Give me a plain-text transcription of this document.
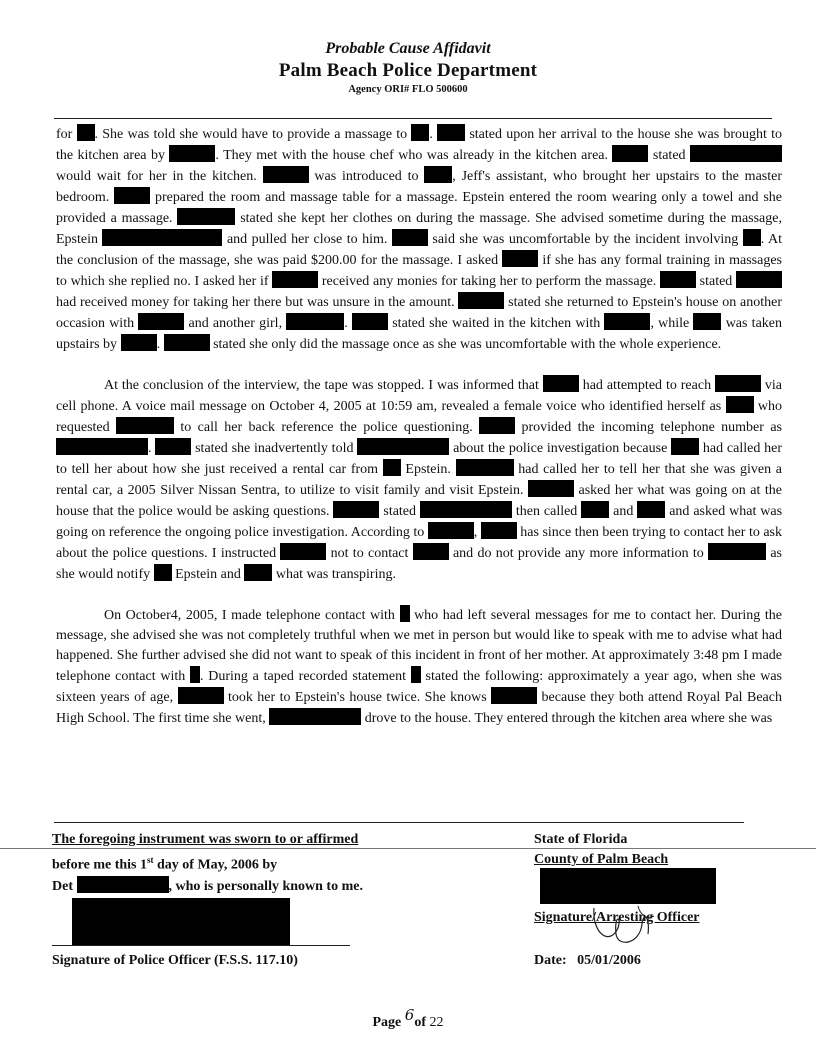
Probable Cause Affidavit
Palm Beach Police Department
Agency ORI# FLO 500600

for . She was told she would have to provide a massage to .  stated upon her arrival to the house she was brought to the kitchen area by	. They met with the house chef who was already in the kitchen area.	stated  would wait for her in the kitchen.	was introduced to , Jeff's assistant, who brought her upstairs to the master bedroom.	prepared the room and massage table for a massage. Epstein entered the room wearing only a towel and she provided a massage.	stated she kept her clothes on during the massage. She advised sometime during the massage, Epstein	and pulled her close to him.	said she was uncomfortable by the incident involving . At the conclusion of the massage, she was paid $200.00 for the massage. I asked	if she has any formal training in massages to which she replied no. I asked her if	received any monies for taking her to perform the massage.	stated  had received money for taking her there but was unsure in the amount.	stated she returned to Epstein's house on another occasion with	and another girl,	.	stated she waited in the kitchen with	, while  was taken upstairs by	.	stated she only did the massage once as she was uncomfortable with the whole experience.

At the conclusion of the interview, the tape was stopped. I was informed that	had attempted to reach	via cell phone. A voice mail message on October 4, 2005 at 10:59 am, revealed a female voice who identified herself as  who requested	to call her back reference the police questioning.	provided the incoming telephone number as .	stated she inadvertently told	about the police investigation because  had called her to tell her about how she just received a rental car from  Epstein.	had called her to tell her that she was given a rental car, a 2005 Silver Nissan Sentra, to utilize to visit family and visit Epstein.	asked her what was going on at the house that the police would be asking questions.	stated	then called  and  and asked what was going on reference the ongoing police investigation. According to	,	has since then been trying to contact her to ask about the police questions. I instructed	not to contact	and do not provide any more information to	as she would notify  Epstein and  what was transpiring.

On October4, 2005, I made telephone contact with  who had left several messages for me to contact her. During the message, she advised she was not completely truthful when we met in person but would like to speak with me to advise what had happened. She further advised she did not want to speak of this incident in front of her mother. At approximately 3:48 pm I made telephone contact with . During a taped recorded statement  stated the following: approximately a year ago, when she was sixteen years of age,	took her to Epstein's house twice. She knows	because they both attend Royal Pal Beach High School. The first time she went,	drove to the house. They entered through the kitchen area where she was

The foregoing instrument was sworn to or affirmed
before me this 1st day of May, 2006 by
Det	, who is personally known to me.
Signature of Police Officer (F.S.S. 117.10)
State of Florida
County of Palm Beach
Signature/Arresting Officer
Date: 05/01/2006
Page 6of 22
